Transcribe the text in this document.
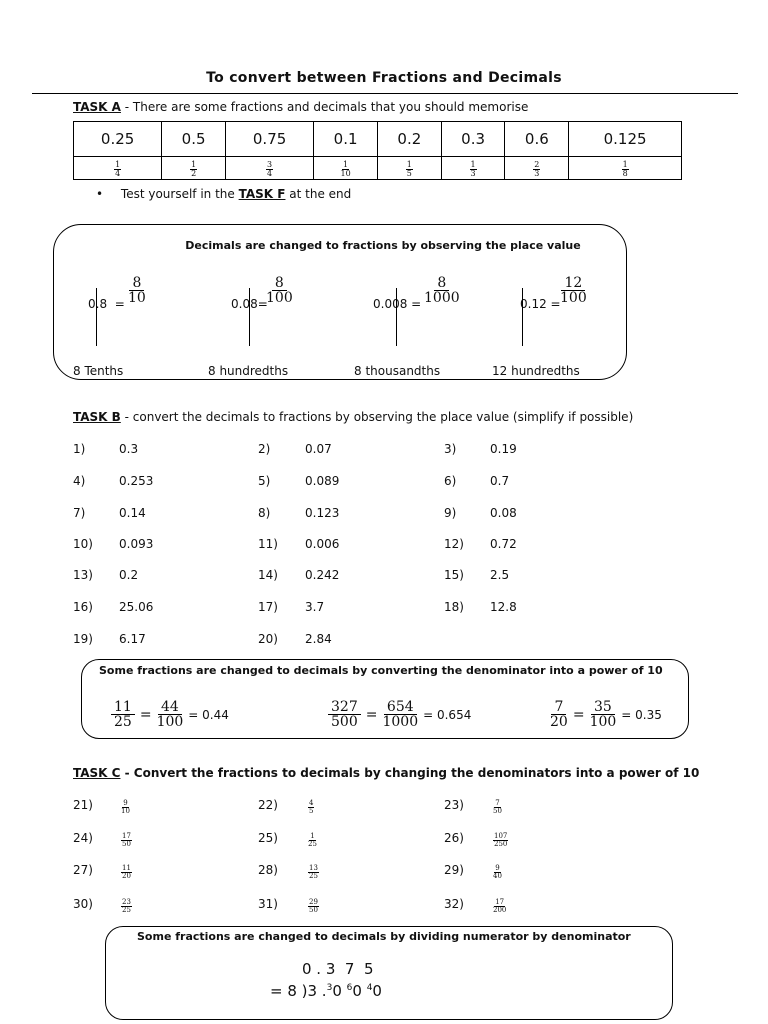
To convert between Fractions and Decimals
TASK A - There are some fractions and decimals that you should memorise
0.25	0.5	0.75	0.1	0.2	0.3	0.6	0.125

$\frac{1}{4}$	$\frac{1}{2}$	$\frac{3}{4}$	$\frac{1}{10}$	$\frac{1}{5}$	$\frac{1}{3}$	$\frac{2}{3}$	$\frac{1}{8}$
• Test yourself in the TASK F at the end
Decimals are changed to fractions by observing the place value
$0.8 = \frac{8}{10}$
8 Tenths
0.08=
$\frac{8}{100}$
8 hundredths
$0.008 = \frac{8}{1000}$
8 thousandths
$0.12 = \frac{12}{100}$
12 hundredths
TASK B - convert the decimals to fractions by observing the place value (simplify if possible)
1)	0.3	2)	0.07	3)	0.19
4)	0.253	5)	0.089	6)	0.7
7)	0.14	8)	0.123	9)	0.08
10) 0.093	11) 0.006	12) 0.72
13) 0.2	14) 0.242	15) 2.5
16) 25.06	17) 3.7	18) 12.8
19) 6.17	20) 2.84
Some fractions are changed to decimals by converting the denominator into a power of 10
$\frac{11}{25} = \frac{44}{100} = 0.44$	$\frac{327}{500} = \frac{654}{1000} = 0.654$	$\frac{7}{20} = \frac{35}{100} = 0.35$
TASK C - Convert the fractions to decimals by changing the denominators into a power of 10
21)	$\frac{9}{10}$	22)	$\frac{4}{5}$	23)	$\frac{7}{50}$
24)	$\frac{17}{50}$	25)	$\frac{1}{25}$	26)	$\frac{107}{250}$
27)	$\frac{11}{20}$	28)	$\frac{13}{25}$	29)	$\frac{9}{40}$
30)	$\frac{23}{25}$	31)	$\frac{29}{50}$	32)	$\frac{17}{200}$
Some fractions are changed to decimals by dividing numerator by denominator
0 . 3  7  5
= 8 )3 .$^3$0 $^6$0 $^4$0
